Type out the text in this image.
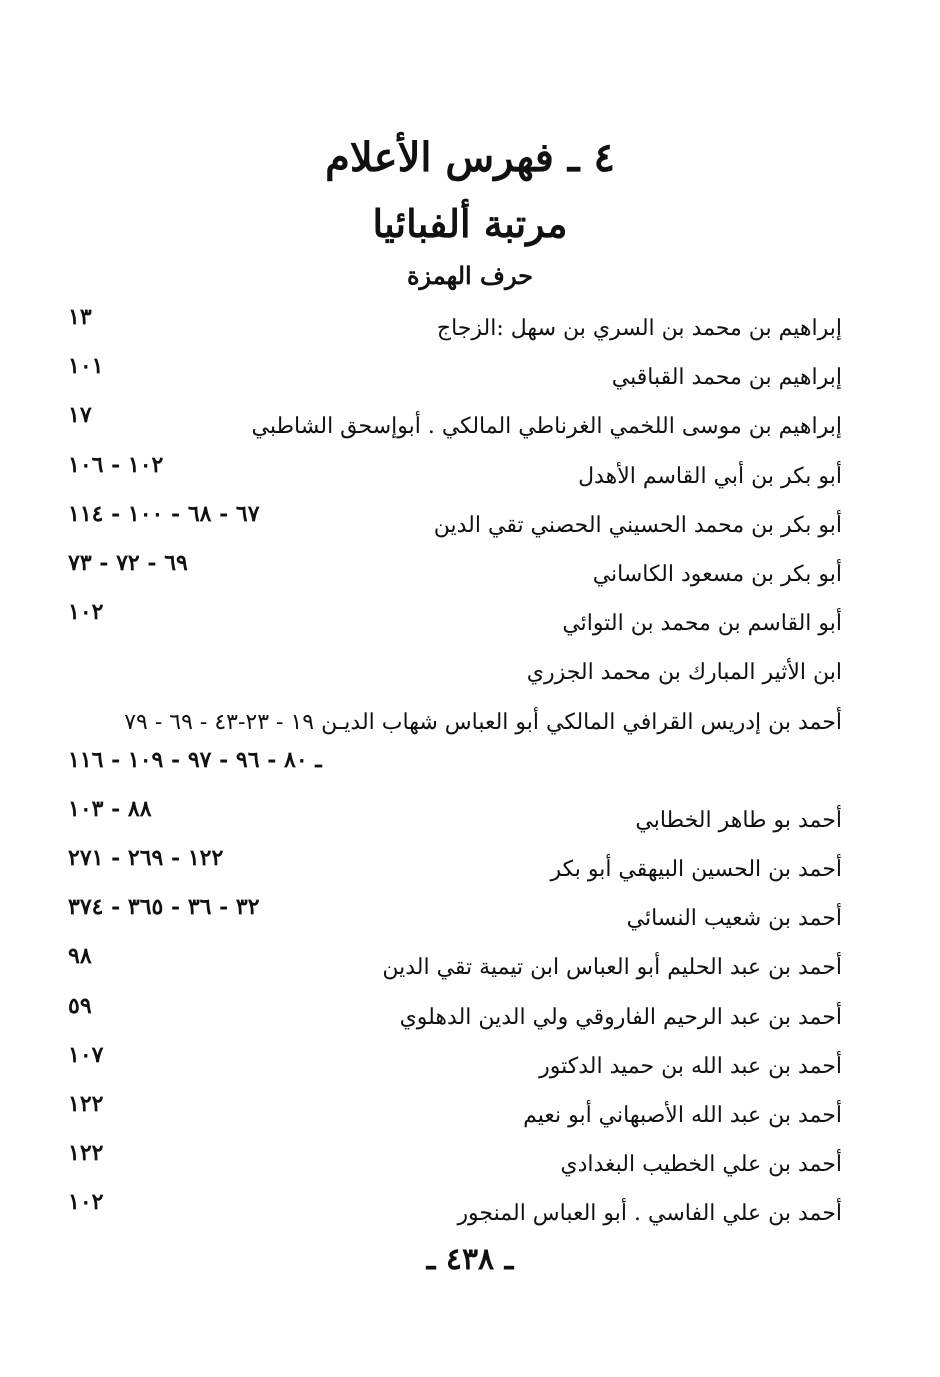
٤ ـ فهرس الأعلام
مرتبة ألفبائيا
حرف الهمزة
إبراهيم بن محمد بن السري بن سهل :الزجاج
١٣
إبراهيم بن محمد القباقبي
١٠١
إبراهيم بن موسى اللخمي الغرناطي المالكي . أبوإسحق الشاطبي
١٧
أبو بكر بن أبي القاسم الأهدل
١٠٢ - ١٠٦
أبو بكر بن محمد الحسيني الحصني تقي الدين
٦٧ - ٦٨ - ١٠٠ - ١١٤
أبو بكر بن مسعود الكاساني
٦٩ - ٧٢ - ٧٣
أبو القاسم بن محمد بن التوائي
١٠٢
ابن الأثير المبارك بن محمد الجزري
أحمد بن إدريس القرافي المالكي أبو العباس شهاب الديـن ١٩ - ٢٣-٤٣ - ٦٩ - ٧٩
ـ ٨٠ - ٩٦ - ٩٧ - ١٠٩ - ١١٦
أحمد بو طاهر الخطابي
٨٨ - ١٠٣
أحمد بن الحسين البيهقي أبو بكر
١٢٢ - ٢٦٩ - ٢٧١
أحمد بن شعيب النسائي
٣٢ - ٣٦ - ٣٦٥ - ٣٧٤
أحمد بن عبد الحليم أبو العباس ابن تيمية تقي الدين
٩٨
أحمد بن عبد الرحيم الفاروقي ولي الدين الدهلوي
٥٩
أحمد بن عبد الله بن حميد الدكتور
١٠٧
أحمد بن عبد الله الأصبهاني أبو نعيم
١٢٢
أحمد بن علي الخطيب البغدادي
١٢٢
أحمد بن علي الفاسي . أبو العباس المنجور
١٠٢
ـ ٤٣٨ ـ
